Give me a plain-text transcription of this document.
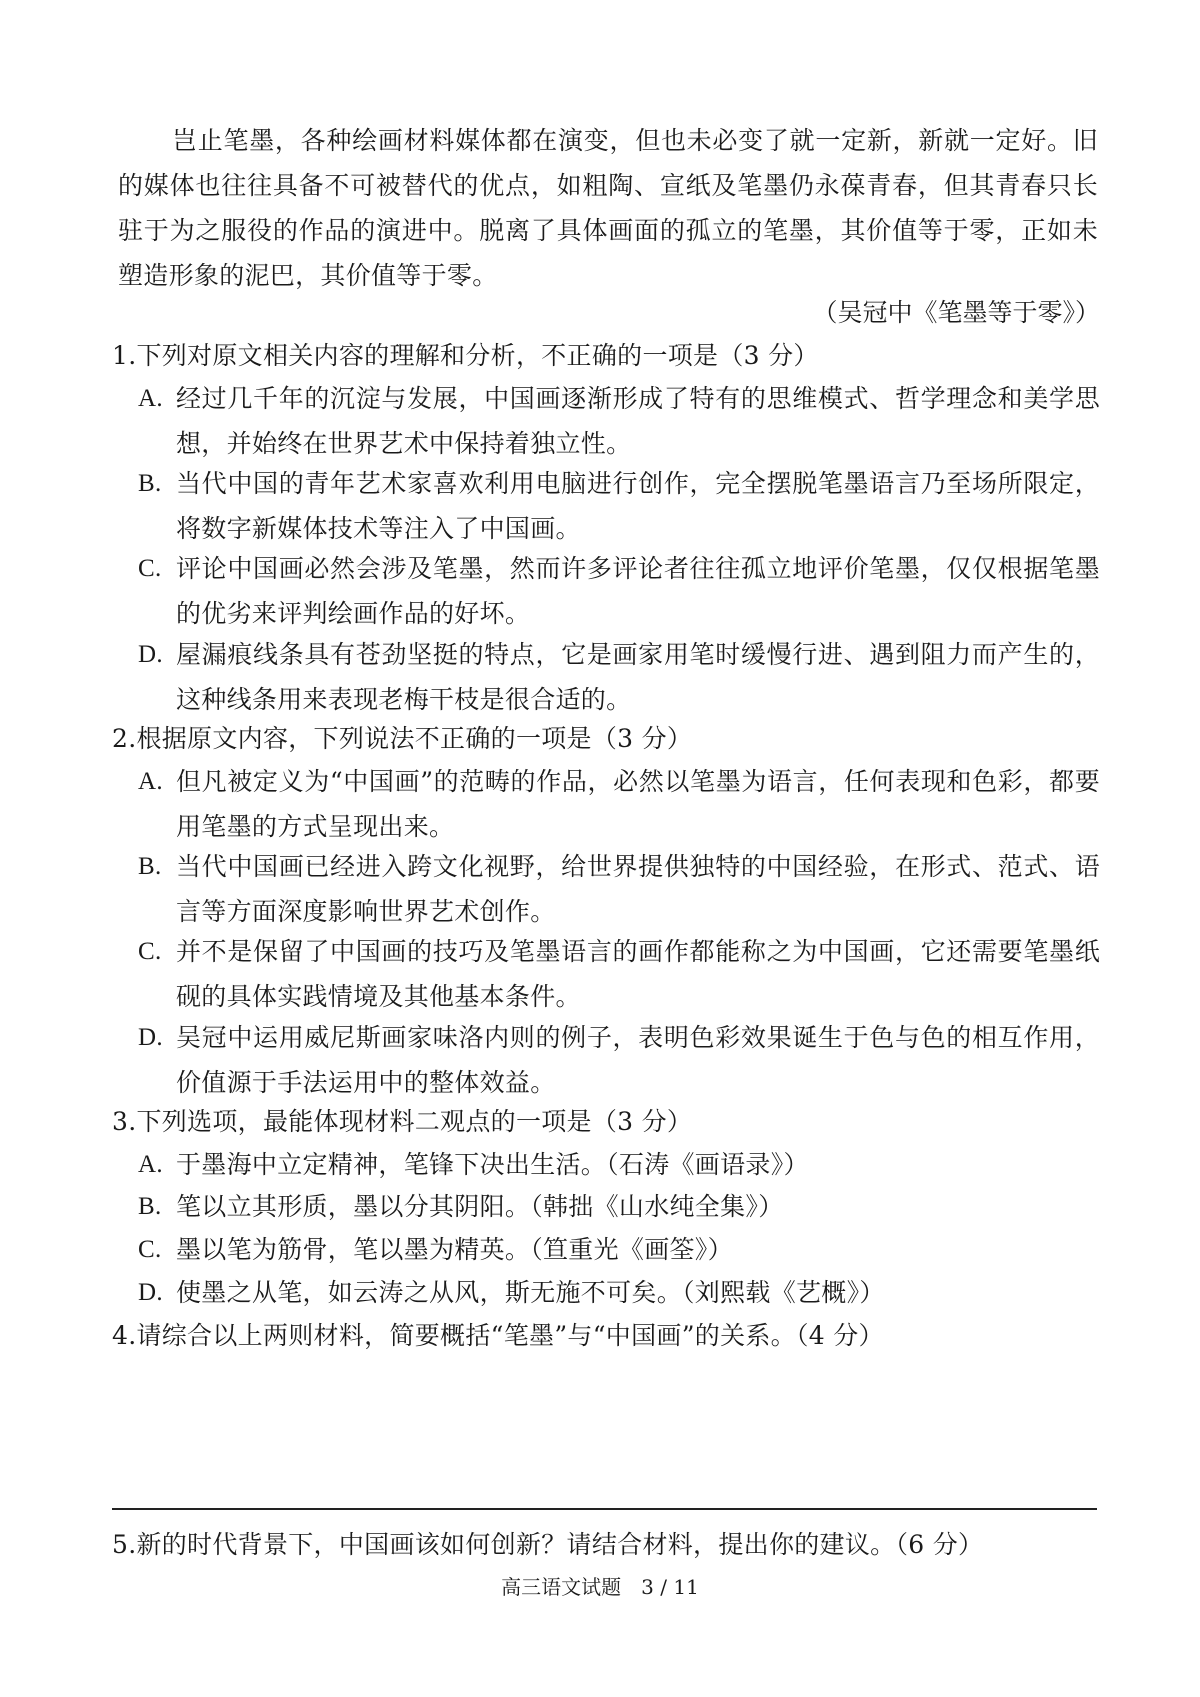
岂止笔墨，各种绘画材料媒体都在演变，但也未必变了就一定新，新就一定好。旧的媒体也往往具备不可被替代的优点，如粗陶、宣纸及笔墨仍永葆青春，但其青春只长驻于为之服役的作品的演进中。脱离了具体画面的孤立的笔墨，其价值等于零，正如未塑造形象的泥巴，其价值等于零。

（吴冠中《笔墨等于零》）

1.下列对原文相关内容的理解和分析，不正确的一项是（3 分）

A. 经过几千年的沉淀与发展，中国画逐渐形成了特有的思维模式、哲学理念和美学思想，并始终在世界艺术中保持着独立性。
B. 当代中国的青年艺术家喜欢利用电脑进行创作，完全摆脱笔墨语言乃至场所限定，将数字新媒体技术等注入了中国画。
C. 评论中国画必然会涉及笔墨，然而许多评论者往往孤立地评价笔墨，仅仅根据笔墨的优劣来评判绘画作品的好坏。
D. 屋漏痕线条具有苍劲坚挺的特点，它是画家用笔时缓慢行进、遇到阻力而产生的，这种线条用来表现老梅干枝是很合适的。

2.根据原文内容，下列说法不正确的一项是（3 分）

A. 但凡被定义为“中国画”的范畴的作品，必然以笔墨为语言，任何表现和色彩，都要用笔墨的方式呈现出来。
B. 当代中国画已经进入跨文化视野，给世界提供独特的中国经验，在形式、范式、语言等方面深度影响世界艺术创作。
C. 并不是保留了中国画的技巧及笔墨语言的画作都能称之为中国画，它还需要笔墨纸砚的具体实践情境及其他基本条件。
D. 吴冠中运用威尼斯画家味洛内则的例子，表明色彩效果诞生于色与色的相互作用，价值源于手法运用中的整体效益。

3.下列选项，最能体现材料二观点的一项是（3 分）

A. 于墨海中立定精神，笔锋下决出生活。（石涛《画语录》）
B. 笔以立其形质，墨以分其阴阳。（韩拙《山水纯全集》）
C. 墨以笔为筋骨，笔以墨为精英。（笪重光《画筌》）
D. 使墨之从笔，如云涛之从风，斯无施不可矣。（刘熙载《艺概》）

4.请综合以上两则材料，简要概括“笔墨”与“中国画”的关系。（4 分）

5.新的时代背景下，中国画该如何创新？请结合材料，提出你的建议。（6 分）

高三语文试题　3 / 11
